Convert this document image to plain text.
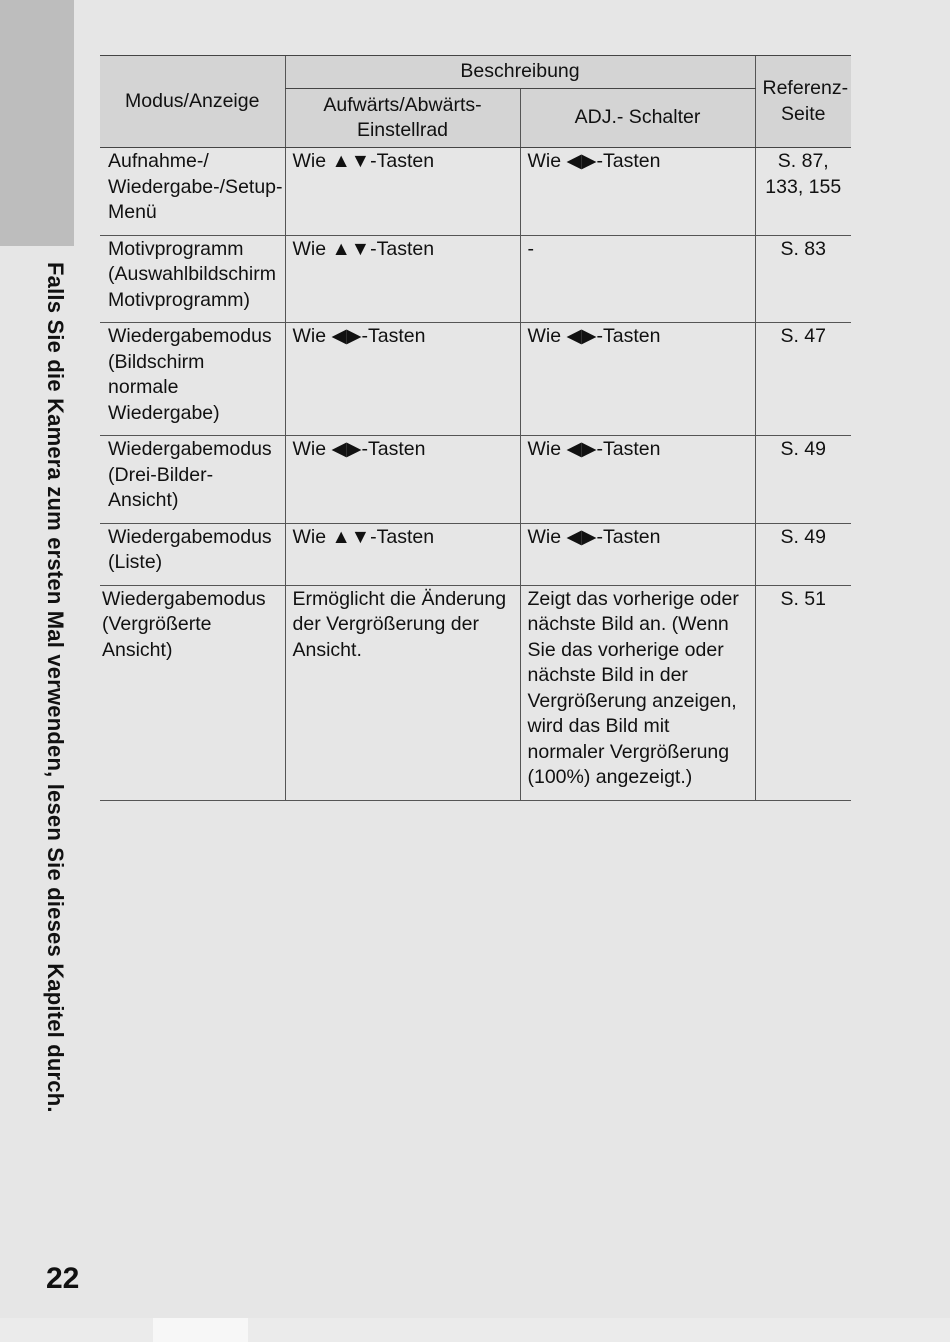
Falls Sie die Kamera zum ersten Mal verwenden, lesen Sie dieses Kapitel durch.
22
Modus/Anzeige	Beschreibung		Referenz-Seite
	Aufwärts/Abwärts-Einstellrad	ADJ.- Schalter	
Aufnahme-/ Wiedergabe-/Setup-Menü	Wie ▲▼-Tasten	Wie ◀▶-Tasten	S. 87, 133, 155
Motivprogramm (Auswahlbildschirm Motivprogramm)	Wie ▲▼-Tasten	-	S. 83
Wiedergabemodus (Bildschirm normale Wiedergabe)	Wie ◀▶-Tasten	Wie ◀▶-Tasten	S. 47
Wiedergabemodus (Drei-Bilder-Ansicht)	Wie ◀▶-Tasten	Wie ◀▶-Tasten	S. 49
Wiedergabemodus (Liste)	Wie ▲▼-Tasten	Wie ◀▶-Tasten	S. 49
Wiedergabemodus (Vergrößerte Ansicht)	Ermöglicht die Änderung der Vergrößerung der Ansicht.	Zeigt das vorherige oder nächste Bild an. (Wenn Sie das vorherige oder nächste Bild in der Vergrößerung anzeigen, wird das Bild mit normaler Vergrößerung (100%) angezeigt.)	S. 51
